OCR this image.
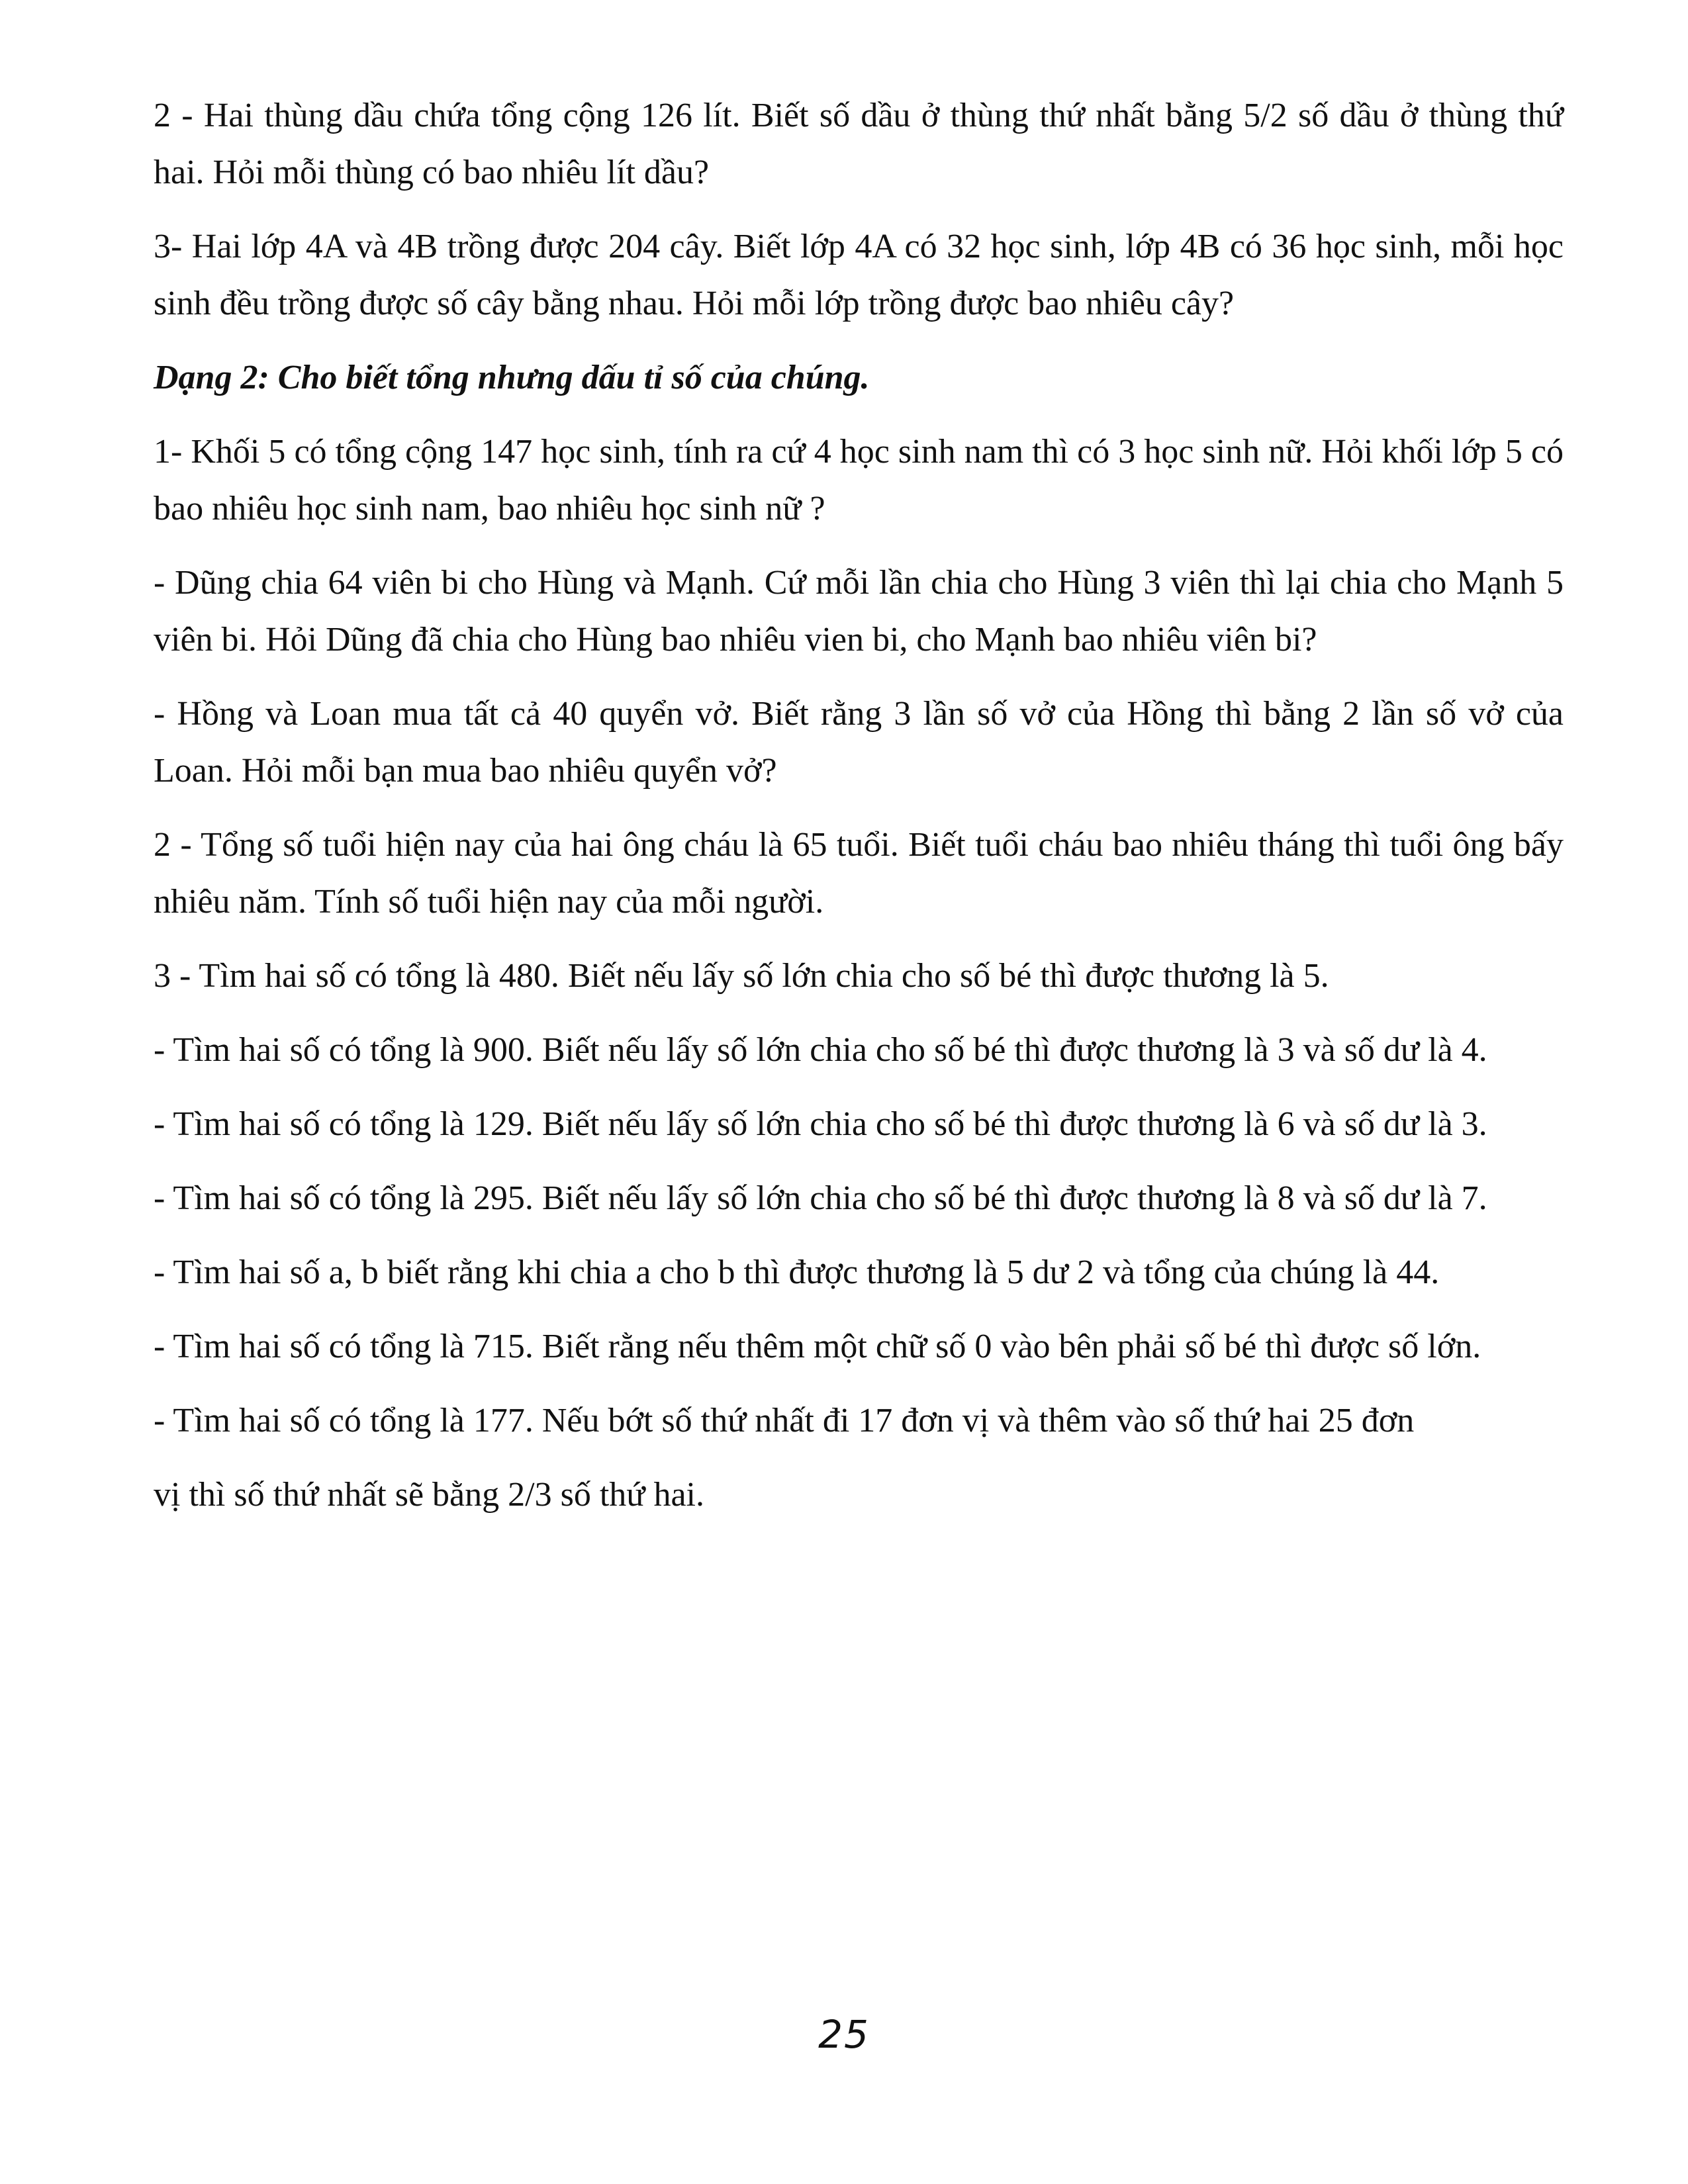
2 - Hai thùng dầu chứa tổng cộng 126 lít. Biết số dầu ở thùng thứ nhất bằng 5/2 số dầu ở thùng thứ hai. Hỏi mỗi thùng có bao nhiêu lít dầu?

3- Hai lớp 4A và 4B trồng được 204 cây. Biết lớp 4A có 32 học sinh, lớp 4B có 36 học sinh, mỗi học sinh đều trồng được số cây bằng nhau. Hỏi mỗi lớp trồng được bao nhiêu cây?

Dạng 2: Cho biết tổng nhưng dấu tỉ số của chúng.

1- Khối 5 có tổng cộng 147 học sinh, tính ra cứ 4 học sinh nam thì có 3 học sinh nữ. Hỏi khối lớp 5 có bao nhiêu học sinh nam, bao nhiêu học sinh nữ ?

- Dũng chia 64 viên bi cho Hùng và Mạnh. Cứ mỗi lần chia cho Hùng 3 viên thì lại chia cho Mạnh 5 viên bi. Hỏi Dũng đã chia cho Hùng bao nhiêu vien bi, cho Mạnh bao nhiêu viên bi?

- Hồng và Loan mua tất cả 40 quyển vở. Biết rằng 3 lần số vở của Hồng thì bằng 2 lần số vở của Loan. Hỏi mỗi bạn mua bao nhiêu quyển vở?

2 - Tổng số tuổi hiện nay của hai ông cháu là 65 tuổi. Biết tuổi cháu bao nhiêu tháng thì tuổi ông bấy nhiêu năm. Tính số tuổi hiện nay của mỗi người.

3 - Tìm hai số có tổng là 480. Biết nếu lấy số lớn chia cho số bé thì được thương là 5.

- Tìm hai số có tổng là 900. Biết nếu lấy số lớn chia cho số bé thì được thương là 3 và số dư là 4.

- Tìm hai số có tổng là 129. Biết nếu lấy số lớn chia cho số bé thì được thương là 6 và số dư là 3.

- Tìm hai số có tổng là 295. Biết nếu lấy số lớn chia cho số bé thì được thương là 8 và số dư là 7.

- Tìm hai số a, b biết rằng khi chia a cho b thì được thương là 5 dư 2 và tổng của chúng là 44.

- Tìm hai số có tổng là 715. Biết rằng nếu thêm một chữ số 0 vào bên phải số bé thì được số lớn.

- Tìm hai số có tổng là 177. Nếu bớt số thứ nhất đi 17 đơn vị và thêm vào số thứ hai 25 đơn

vị thì số thứ nhất sẽ bằng 2/3 số thứ hai.

25
